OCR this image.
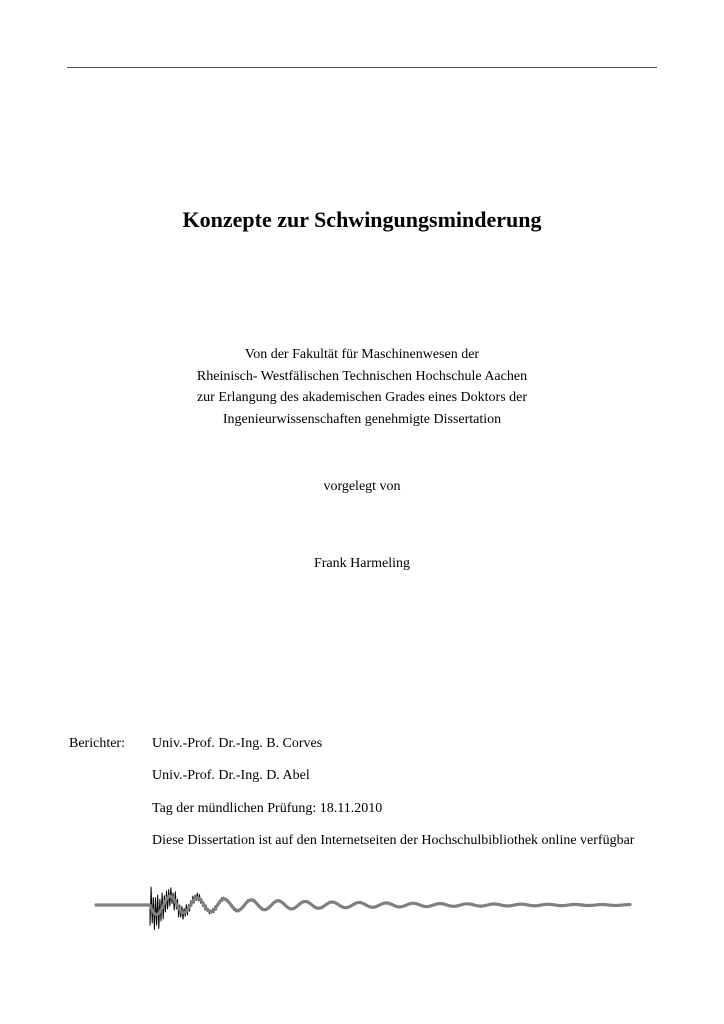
Konzepte zur Schwingungsminderung
Von der Fakultät für Maschinenwesen der
Rheinisch- Westfälischen Technischen Hochschule Aachen
zur Erlangung des akademischen Grades eines Doktors der
Ingenieurwissenschaften genehmigte Dissertation
vorgelegt von
Frank Harmeling
Berichter: Univ.-Prof. Dr.-Ing. B. Corves
Univ.-Prof. Dr.-Ing. D. Abel
Tag der mündlichen Prüfung: 18.11.2010
Diese Dissertation ist auf den Internetseiten der Hochschulbibliothek online verfügbar
